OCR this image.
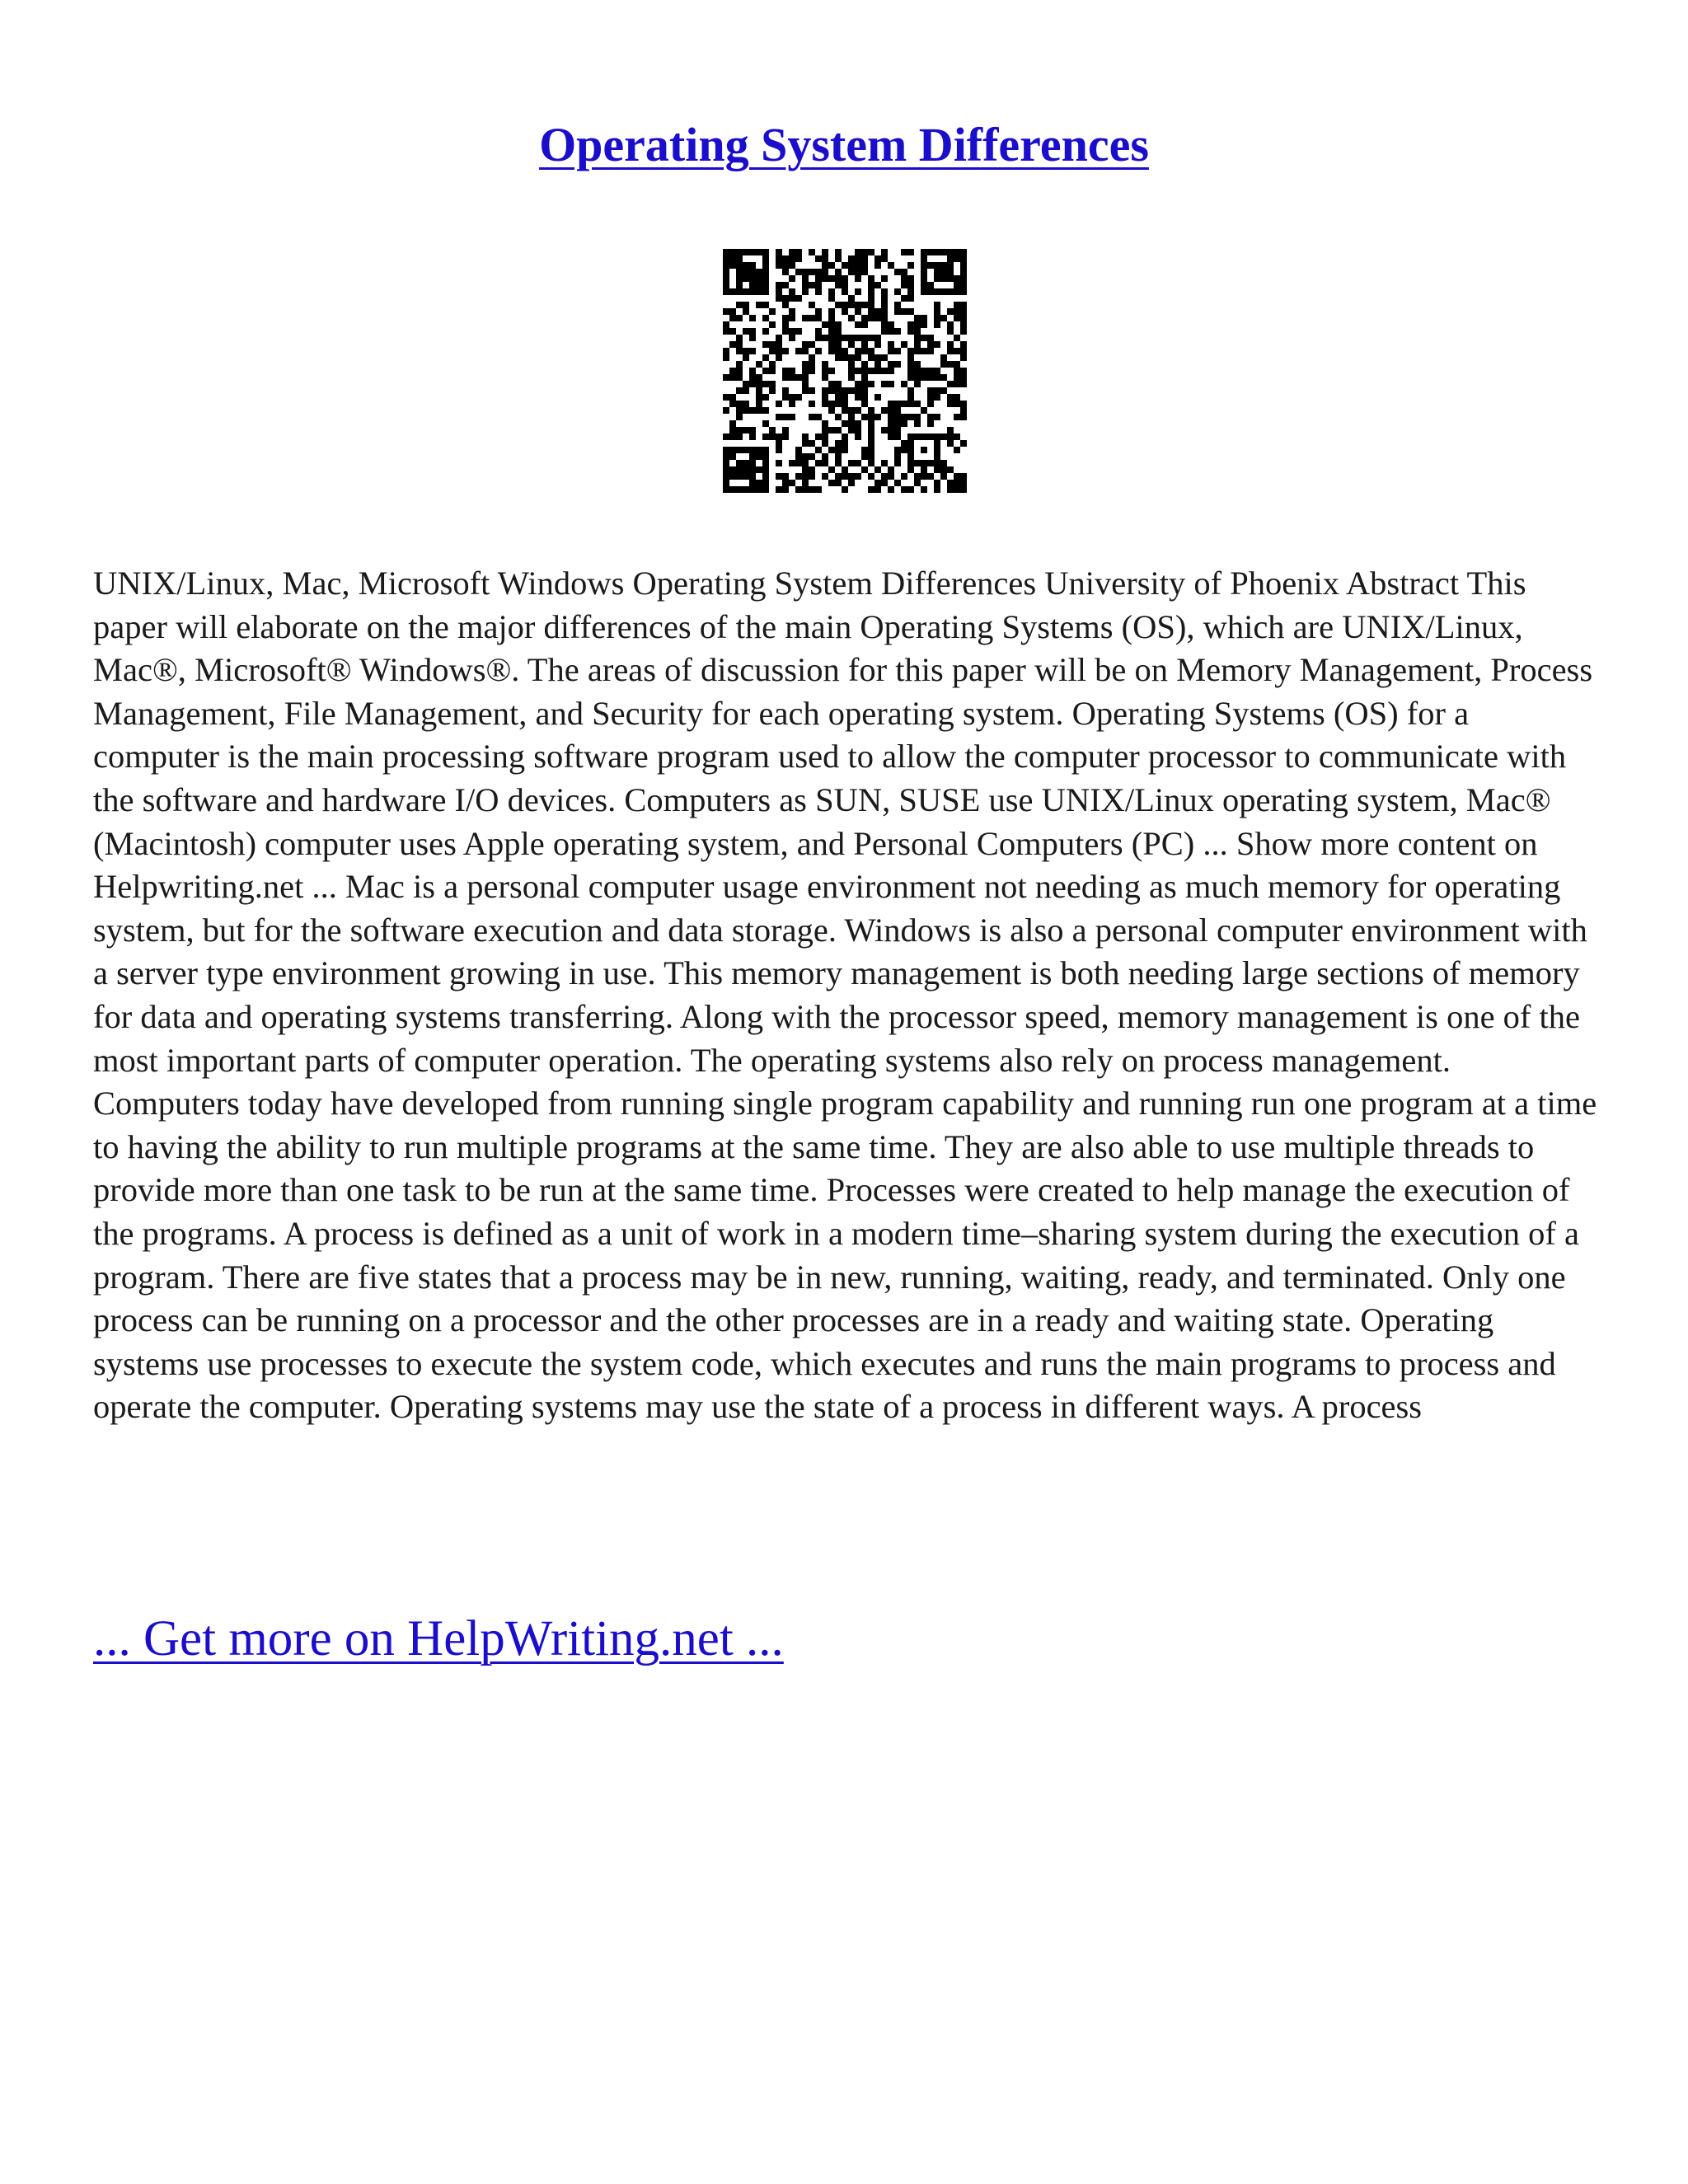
Operating System Differences

UNIX/Linux, Mac, Microsoft Windows Operating System Differences University of Phoenix Abstract This paper will elaborate on the major differences of the main Operating Systems (OS), which are UNIX/Linux, Mac®, Microsoft® Windows®. The areas of discussion for this paper will be on Memory Management, Process Management, File Management, and Security for each operating system. Operating Systems (OS) for a computer is the main processing software program used to allow the computer processor to communicate with the software and hardware I/O devices. Computers as SUN, SUSE use UNIX/Linux operating system, Mac® (Macintosh) computer uses Apple operating system, and Personal Computers (PC) ... Show more content on Helpwriting.net ... Mac is a personal computer usage environment not needing as much memory for operating system, but for the software execution and data storage. Windows is also a personal computer environment with a server type environment growing in use. This memory management is both needing large sections of memory for data and operating systems transferring. Along with the processor speed, memory management is one of the most important parts of computer operation. The operating systems also rely on process management. Computers today have developed from running single program capability and running run one program at a time to having the ability to run multiple programs at the same time. They are also able to use multiple threads to provide more than one task to be run at the same time. Processes were created to help manage the execution of the programs. A process is defined as a unit of work in a modern time–sharing system during the execution of a program. There are five states that a process may be in new, running, waiting, ready, and terminated. Only one process can be running on a processor and the other processes are in a ready and waiting state. Operating systems use processes to execute the system code, which executes and runs the main programs to process and operate the computer. Operating systems may use the state of a process in different ways. A process

... Get more on HelpWriting.net ...
